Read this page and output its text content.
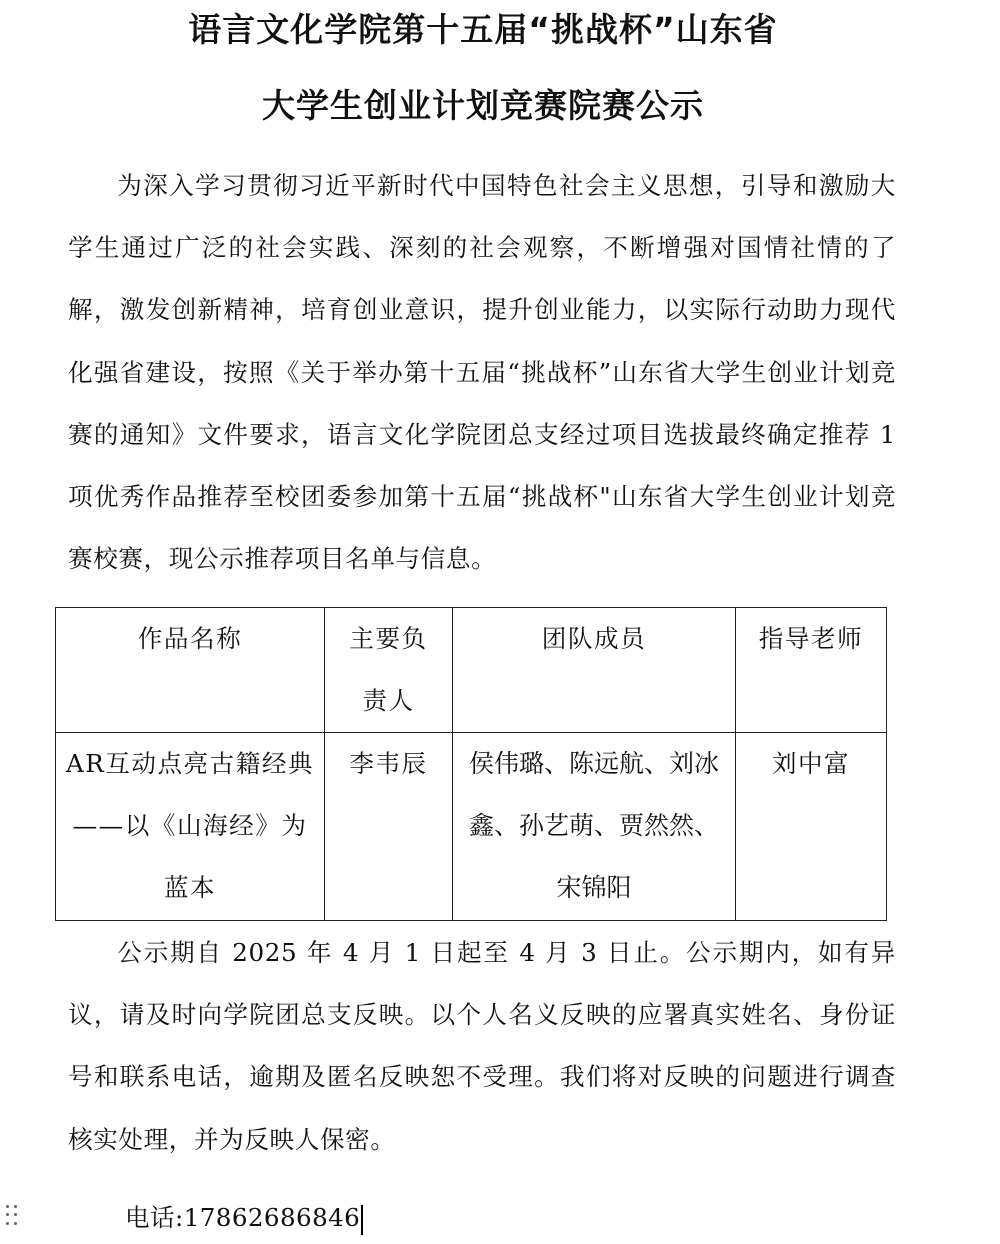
语言文化学院第十五届“挑战杯”山东省
大学生创业计划竞赛院赛公示
为深入学习贯彻习近平新时代中国特色社会主义思想，引导和激励大学生通过广泛的社会实践、深刻的社会观察，不断增强对国情社情的了解，激发创新精神，培育创业意识，提升创业能力，以实际行动助力现代化强省建设，按照《关于举办第十五届“挑战杯”山东省大学生创业计划竞赛的通知》文件要求，语言文化学院团总支经过项目选拔最终确定推荐 1 项优秀作品推荐至校团委参加第十五届“挑战杯"山东省大学生创业计划竞赛校赛，现公示推荐项目名单与信息。
作品名称	主要负责人	团队成员	指导老师
AR互动点亮古籍经典——以《山海经》为蓝本	李韦辰	侯伟璐、陈远航、刘冰鑫、孙艺萌、贾然然、宋锦阳	刘中富
公示期自 2025 年 4 月 1 日起至 4 月 3 日止。公示期内，如有异议，请及时向学院团总支反映。以个人名义反映的应署真实姓名、身份证号和联系电话，逾期及匿名反映恕不受理。我们将对反映的问题进行调查核实处理，并为反映人保密。
电话:17862686846
